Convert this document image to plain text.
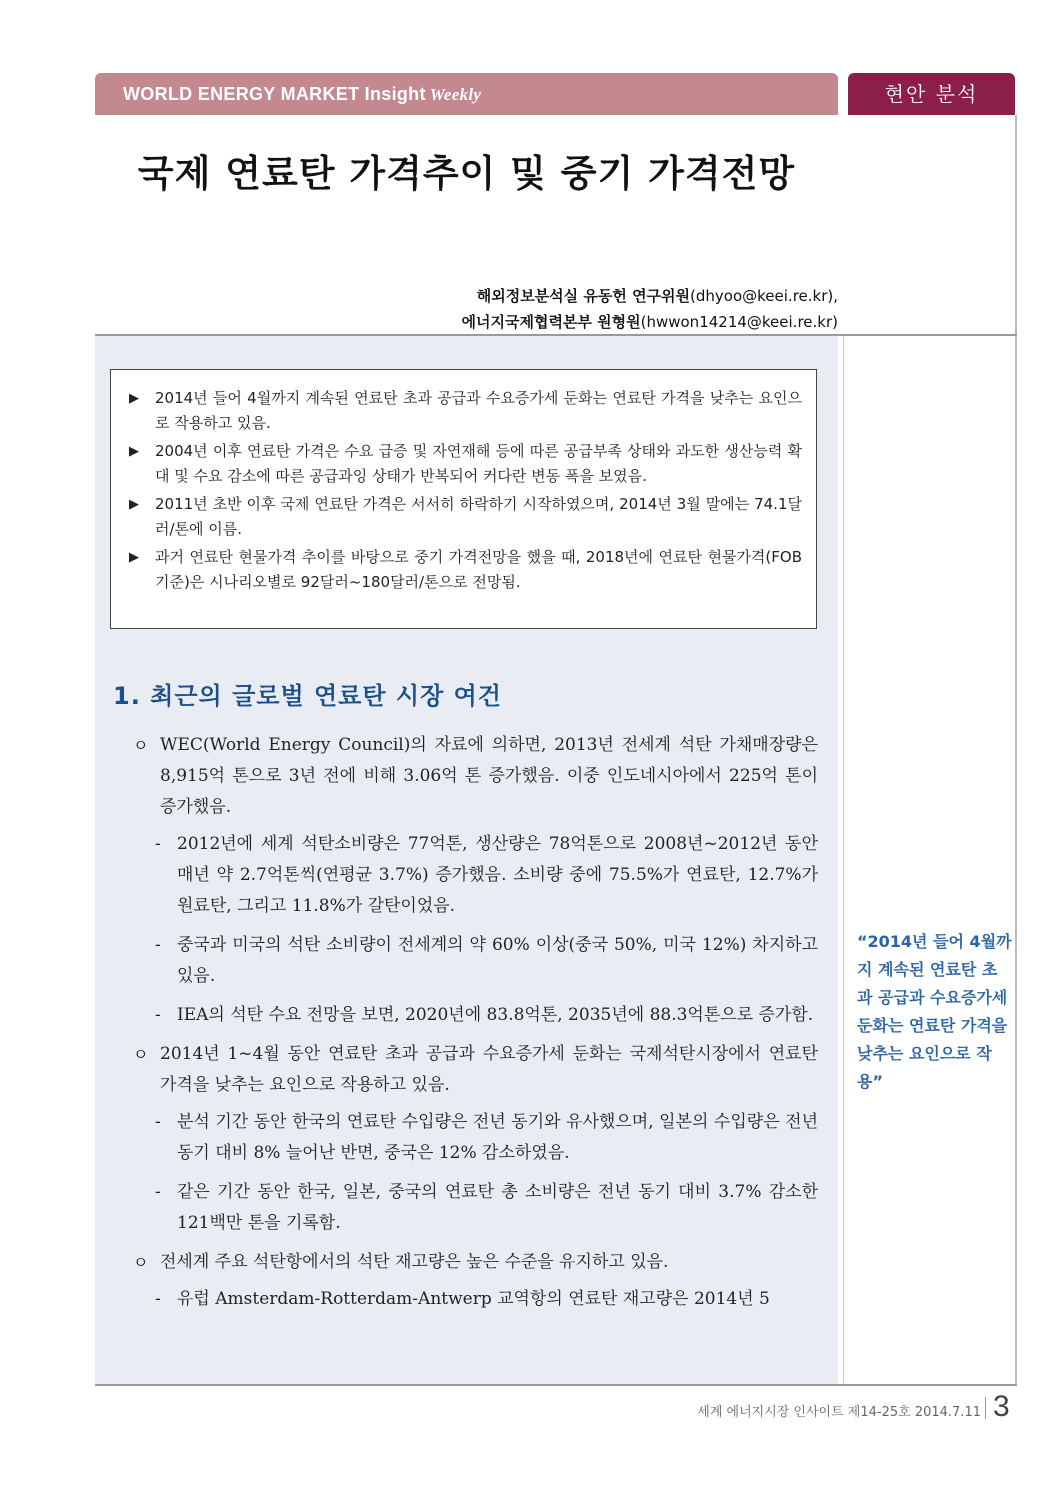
WORLD ENERGY MARKET Insight Weekly	현안 분석
국제 연료탄 가격추이 및 중기 가격전망
해외정보분석실 유동헌 연구위원(dhyoo@keei.re.kr),
에너지국제협력본부 원형원(hwwon14214@keei.re.kr)
▶ 2014년 들어 4월까지 계속된 연료탄 초과 공급과 수요증가세 둔화는 연료탄 가격을 낮추는 요인으로 작용하고 있음.
▶ 2004년 이후 연료탄 가격은 수요 급증 및 자연재해 등에 따른 공급부족 상태와 과도한 생산능력 확대 및 수요 감소에 따른 공급과잉 상태가 반복되어 커다란 변동 폭을 보였음.
▶ 2011년 초반 이후 국제 연료탄 가격은 서서히 하락하기 시작하였으며, 2014년 3월 말에는 74.1달러/톤에 이름.
▶ 과거 연료탄 현물가격 추이를 바탕으로 중기 가격전망을 했을 때, 2018년에 연료탄 현물가격(FOB 기준)은 시나리오별로 92달러~180달러/톤으로 전망됨.
1. 최근의 글로벌 연료탄 시장 여건
ㅇ WEC(World Energy Council)의 자료에 의하면, 2013년 전세계 석탄 가채매장량은 8,915억 톤으로 3년 전에 비해 3.06억 톤 증가했음. 이중 인도네시아에서 225억 톤이 증가했음.
- 2012년에 세계 석탄소비량은 77억톤, 생산량은 78억톤으로 2008년~2012년 동안 매년 약 2.7억톤씩(연평균 3.7%) 증가했음. 소비량 중에 75.5%가 연료탄, 12.7%가 원료탄, 그리고 11.8%가 갈탄이었음.
- 중국과 미국의 석탄 소비량이 전세계의 약 60% 이상(중국 50%, 미국 12%) 차지하고 있음.
- IEA의 석탄 수요 전망을 보면, 2020년에 83.8억톤, 2035년에 88.3억톤으로 증가함.
ㅇ 2014년 1~4월 동안 연료탄 초과 공급과 수요증가세 둔화는 국제석탄시장에서 연료탄 가격을 낮추는 요인으로 작용하고 있음.
- 분석 기간 동안 한국의 연료탄 수입량은 전년 동기와 유사했으며, 일본의 수입량은 전년 동기 대비 8% 늘어난 반면, 중국은 12% 감소하였음.
- 같은 기간 동안 한국, 일본, 중국의 연료탄 총 소비량은 전년 동기 대비 3.7% 감소한 121백만 톤을 기록함.
ㅇ 전세계 주요 석탄항에서의 석탄 재고량은 높은 수준을 유지하고 있음.
- 유럽 Amsterdam-Rotterdam-Antwerp 교역항의 연료탄 재고량은 2014년 5
“2014년 들어 4월까지 계속된 연료탄 초과 공급과 수요증가세 둔화는 연료탄 가격을 낮추는 요인으로 작용”
세계 에너지시장 인사이트 제14-25호 2014.7.11 3
